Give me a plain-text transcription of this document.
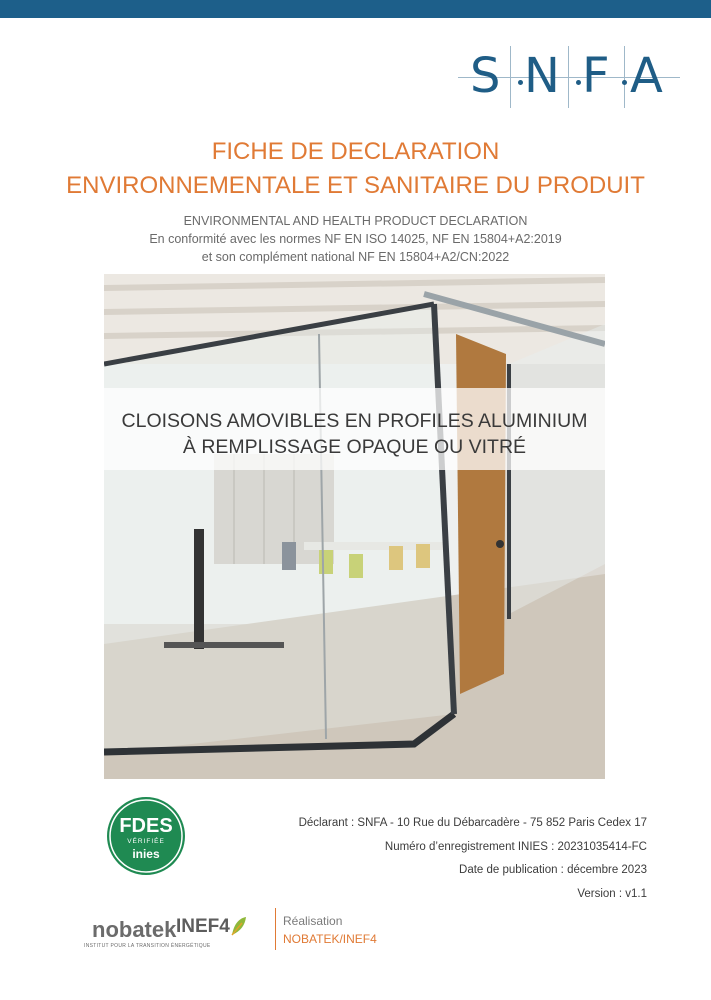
S N F A
FICHE DE DECLARATION
ENVIRONNEMENTALE ET SANITAIRE DU PRODUIT
ENVIRONMENTAL AND HEALTH PRODUCT DECLARATION
En conformité avec les normes NF EN ISO 14025, NF EN 15804+A2:2019
et son complément national NF EN 15804+A2/CN:2022
CLOISONS AMOVIBLES EN PROFILES ALUMINIUM
À REMPLISSAGE OPAQUE OU VITRÉ
FDES
VÉRIFIÉE
inies
Déclarant : SNFA - 10 Rue du Débarcadère - 75 852 Paris Cedex 17
Numéro d’enregistrement INIES : 20231035414-FC
Date de publication : décembre 2023
Version : v1.1
nobatek
INSTITUT POUR LA TRANSITION ÉNERGÉTIQUE
INEF4	Réalisation
NOBATEK/INEF4
